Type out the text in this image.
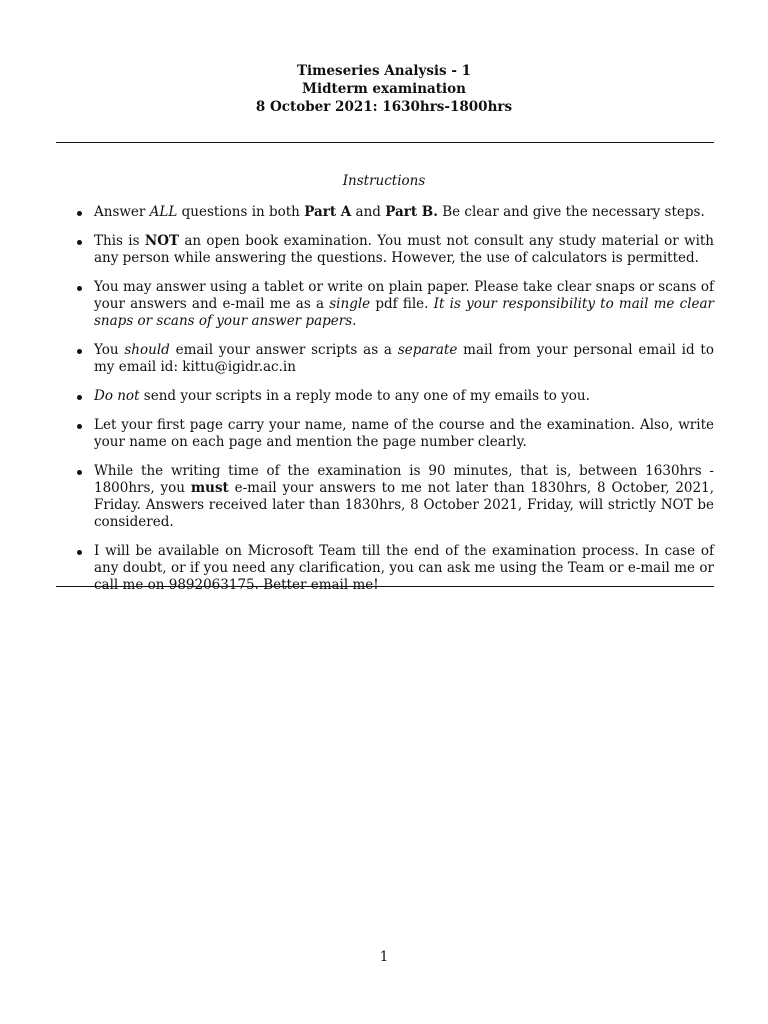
Timeseries Analysis - 1
Midterm examination
8 October 2021: 1630hrs-1800hrs
Instructions
Answer ALL questions in both Part A and Part B. Be clear and give the necessary steps.
This is NOT an open book examination. You must not consult any study material or with any person while answering the questions. However, the use of calculators is permitted.
You may answer using a tablet or write on plain paper. Please take clear snaps or scans of your answers and e-mail me as a single pdf file. It is your responsibility to mail me clear snaps or scans of your answer papers.
You should email your answer scripts as a separate mail from your personal email id to my email id: kittu@igidr.ac.in
Do not send your scripts in a reply mode to any one of my emails to you.
Let your first page carry your name, name of the course and the examination. Also, write your name on each page and mention the page number clearly.
While the writing time of the examination is 90 minutes, that is, between 1630hrs - 1800hrs, you must e-mail your answers to me not later than 1830hrs, 8 October, 2021, Friday. Answers received later than 1830hrs, 8 October 2021, Friday, will strictly NOT be considered.
I will be available on Microsoft Team till the end of the examination process. In case of any doubt, or if you need any clarification, you can ask me using the Team or e-mail me or call me on 9892063175. Better email me!
1
